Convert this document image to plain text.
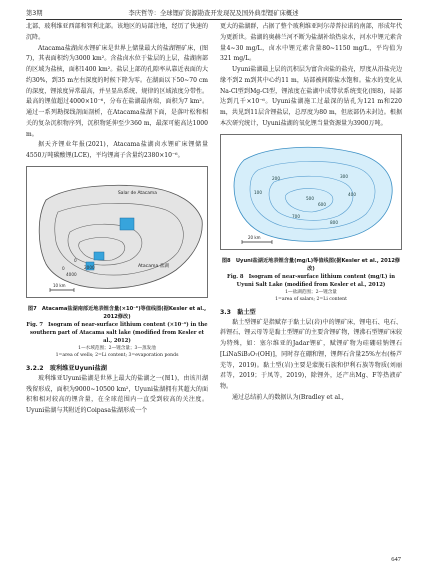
第3期	李庆哲等：全球锂矿资源勘查开发现况及国外典型锂矿床概述

北部、玻利维亚西部和智利北部。该地区的局部注地，经历了快速的沉降。

Atacama盐湖卤水锂矿床是世界上储量最大的盐湖锂矿床，(图7)，其表面积约为3000 km²。含盐卤水位于盐层的上层，盐湖南部的区域为盐核，面积1400 km²。盐层上部的孔隙率从靠近表面的大约30%，到35 m左右深度的时候下降为零。在湖面以下50~70 cm的深度，锂浓度异常最高，并呈显出系统、规律的区域浓度分带性。最高的锂值超过4000×10⁻⁶，分布在盐湖最南端，面积为7 km²。通过一系列勘探线剖面剖析，在Atacama盐湖下面，是落叶松和相关的复杂沉积物序列，沉积物延伸至少360 m，最深可能高达1000 m。

据天齐锂业年报(2021)，Atacama盐湖卤水锂矿床锂储量4550万吨碳酸锂(LCE)，平均锂离子含量约2380×10⁻⁶。

Salar de Atacama
Atacama 盐湖
0
0
2000
4000
10 km
图7　Atacama盐湖南部近地表锂含量(×10⁻⁶)等值线图(据Kesler et al., 2012修改)
Fig. 7　Isogram of near-surface lithium content (×10⁻⁶) in the southern part of Atacama salt lake (modified from Kesler et al., 2012)
1—水域范围；2—锂含量；3—蒸发池
1=area of wells; 2=Li content; 3=evaporation ponds
3.2.2　玻利维亚Uyuni盐湖

玻利维亚Uyuni盐湖是世界上最大的盐湖之一(图1)，由该川湖残留形成，面积为9000~10500 km²，Uyuni盐湖拥有其超大的面积和相对较高的锂含量，在全球范围内一直受到较高的关注度。Uyuni盐湖与其附近的Coipasa盐湖形成一个

更大的盐湖群，占据了整个玻利维亚阿尔蒂普拉诺的南部，形成年代为更新世。盐湖的奥赫兰河不断为盐湖补给热泉水，河水中锂元素含量4~30 mg/L，卤水中锂元素含量80~1150 mg/L，平均值为321 mg/L。

Uyuni盐湖最上层的沉积层为富含卤盐的盐壳，厚度从沿盐壳边缘不到2 m到其中心约11 m，局部被间隙盐水饱和。盐水的变化从Na-Cl型到Mg-Cl型，锂浓度在盐湖中成带状系统变化(图8)，局部达到几千×10⁻⁶。Uyuni盐湖施工过最深的钻孔为121 m和220 m，共见到11层含锂盐层，总厚度为80 m，但底部仍未封边。根据本次研究统计，Uyuni盐湖的氧化锂当量资源量为3900万吨。

100
200	300
400
500
600
700
800
20 km
图8　Uyuni盐湖近地表锂含量(mg/L)等值线图(据Kesler et al., 2012修改)
Fig. 8　Isogram of near-surface lithium content (mg/L) in Uyuni Salt Lake (modified from Kesler et al., 2012)
1—盐湖范围；2—锂含量
1=area of salars; 2=Li content
3.3　黏土型

黏土型锂矿是指赋存于黏土层(岩)中的锂矿床，锂电石、电石、斜锂石、锂云母等是黏土型锂矿的主要含锂矿物，锂沸石型锂矿床较为特殊，如：塞尔维亚的Jadar锂矿，赋锂矿物为硅硼硅钠锂石[LiNaSiB₃O₇(OH)]，同时存在硼和锂，锂辉石含量25%左右(杨芦芜等，2019)。黏土型(岩)主要是蒙脱石族和伊利石族等物质(刘丽君等，2019；于凤等，2019)，除锂外，还产出Mg、F等热液矿物。

通过总结前人的数据认为(Bradley et al.,

647
